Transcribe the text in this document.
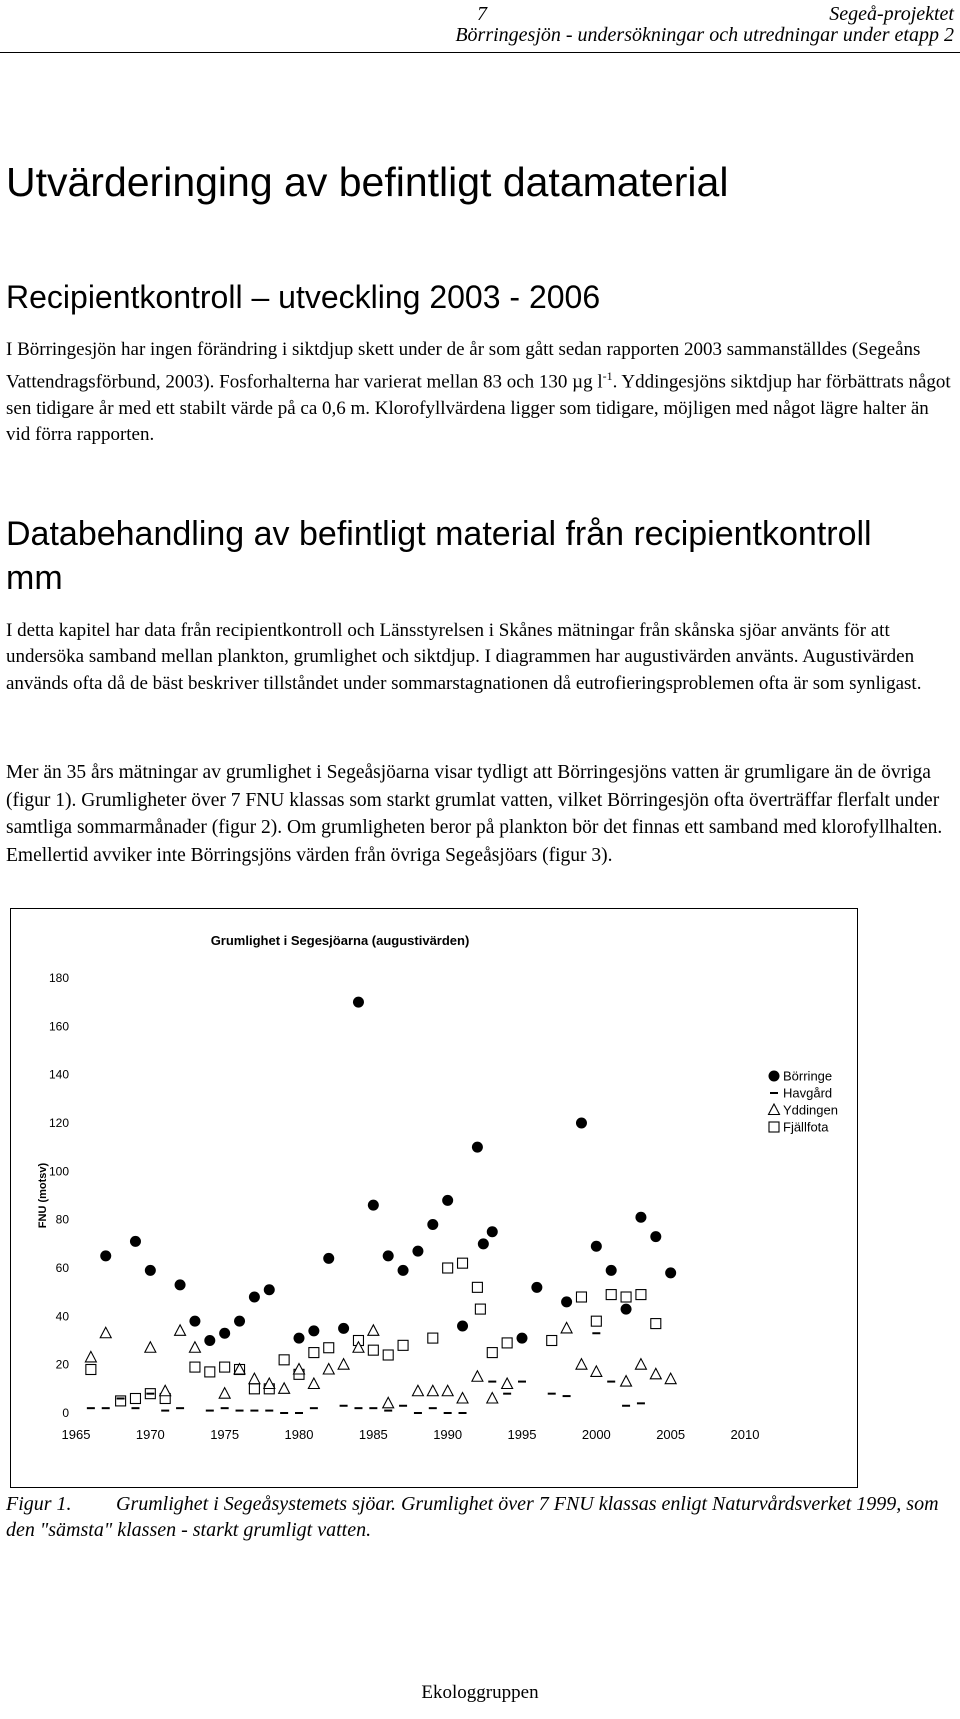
7	Segeå-projektet
Börringesjön - undersökningar och utredningar under etapp 2
Utvärderinging av befintligt datamaterial
Recipientkontroll – utveckling 2003 - 2006
I Börringesjön har ingen förändring i siktdjup skett under de år som gått sedan rapporten 2003 sammanställdes (Segeåns Vattendragsförbund, 2003). Fosforhalterna har varierat mellan 83 och 130 µg $l^{-1}$. Yddingesjöns siktdjup har förbättrats något sen tidigare år med ett stabilt värde på ca 0,6 m. Klorofyllvärdena ligger som tidigare, möjligen med något lägre halter än vid förra rapporten.
Databehandling av befintligt material från recipientkontroll mm
I detta kapitel har data från recipientkontroll och Länsstyrelsen i Skånes mätningar från skånska sjöar använts för att undersöka samband mellan plankton, grumlighet och siktdjup. I diagrammen har augustivärden använts. Augustivärden används ofta då de bäst beskriver tillståndet under sommarstagnationen då eutrofieringsproblemen ofta är som synligast.
Mer än 35 års mätningar av grumlighet i Segeåsjöarna visar tydligt att Börringesjöns vatten är grumligare än de övriga (figur 1). Grumligheter över 7 FNU klassas som starkt grumlat vatten, vilket Börringesjön ofta överträffar flerfalt under samtliga sommarmånader (figur 2). Om grumligheten beror på plankton bör det finnas ett samband med klorofyllhalten. Emellertid avviker inte Börringsjöns värden från övriga Segeåsjöars (figur 3).
Grumlighet i Segesjöarna (augustivärden)
FNU (motsv)
0
20
40
60
80
100
120
140
160
180
1965	1970	1975	1980	1985	1990	1995	2000	2005	2010
Börringe
Havgård
Yddingen
Fjällfota
Figur 1. Grumlighet i Segeåsystemets sjöar. Grumlighet över 7 FNU klassas enligt Naturvårdsverket 1999, som den "sämsta" klassen - starkt grumligt vatten.
Ekologgruppen
